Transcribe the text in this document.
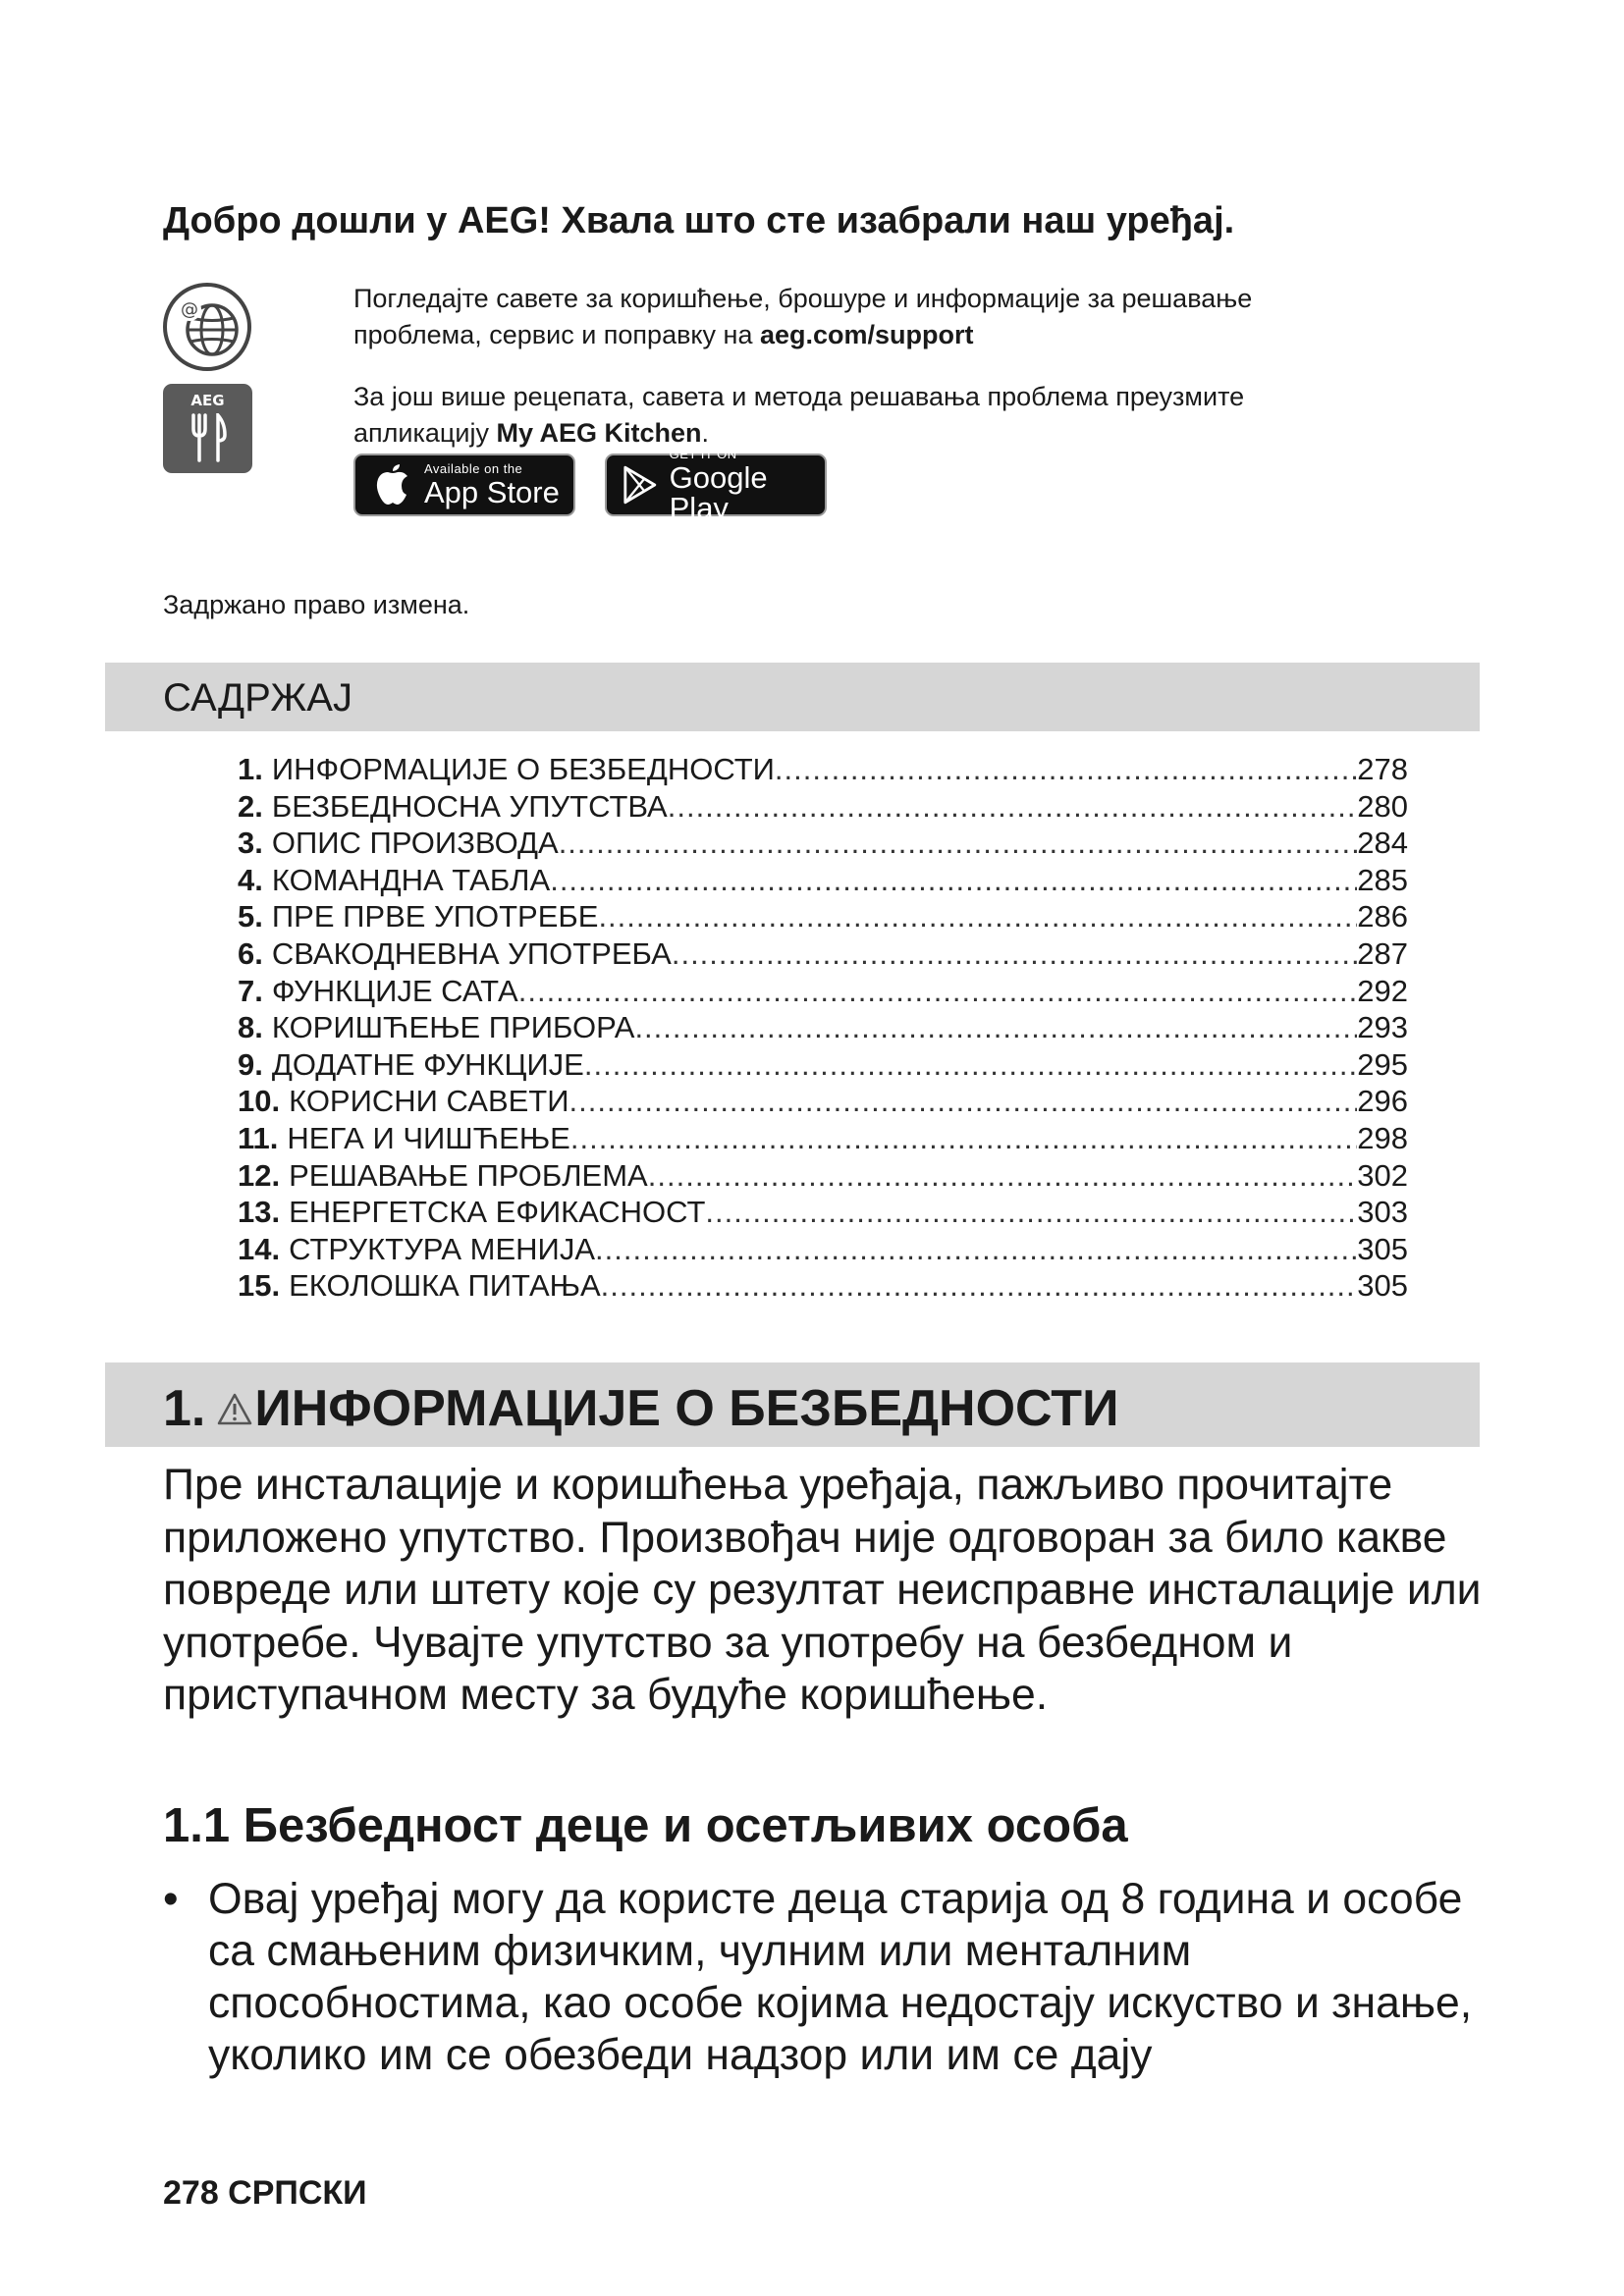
Добро дошли у AEG! Хвала што сте изабрали наш уређај.
@
AEG
Погледајте савете за коришћење, брошуре и информације за решавање
проблема, сервис и поправку на aeg.com/support
За још више рецепата, савета и метода решавања проблема преузмите
апликацију My AEG Kitchen.
Available on the
App Store
GET IT ON
Google Play
Задржано право измена.
САДРЖАЈ
1. ИНФОРМАЦИЈЕ О БЕЗБЕДНОСТИ .....	278
2. БЕЗБЕДНОСНА УПУТСТВА .....	280
3. ОПИС ПРОИЗВОДА .....	284
4. КОМАНДНА ТАБЛА .....	285
5. ПРЕ ПРВЕ УПОТРЕБЕ .....	286
6. СВАКОДНЕВНА УПОТРЕБА .....	287
7. ФУНКЦИЈЕ САТА .....	292
8. КОРИШЋЕЊЕ ПРИБОРА .....	293
9. ДОДАТНЕ ФУНКЦИЈЕ .....	295
10. КОРИСНИ САВЕТИ .....	296
11. НЕГА И ЧИШЋЕЊЕ .....	298
12. РЕШАВАЊЕ ПРОБЛЕМА .....	302
13. ЕНЕРГЕТСКА ЕФИКАСНОСТ .....	303
14. СТРУКТУРА МЕНИЈА .....	305
15. ЕКОЛОШКА ПИТАЊА .....	305
1. ИНФОРМАЦИЈЕ О БЕЗБЕДНОСТИ
Пре инсталације и коришћења уређаја, пажљиво прочитајте приложено упутство. Произвођач није одговоран за било какве повреде или штету које су резултат неисправне инсталације или употребе. Чувајте упутство за употребу на безбедном и приступачном месту за будуће коришћење.
1.1 Безбедност деце и осетљивих особа
• Овај уређај могу да користе деца старија од 8 година и особе са смањеним физичким, чулним или менталним способностима, као особе којима недостају искуство и знање, уколико им се обезбеди надзор или им се дају
278 СРПСКИ
